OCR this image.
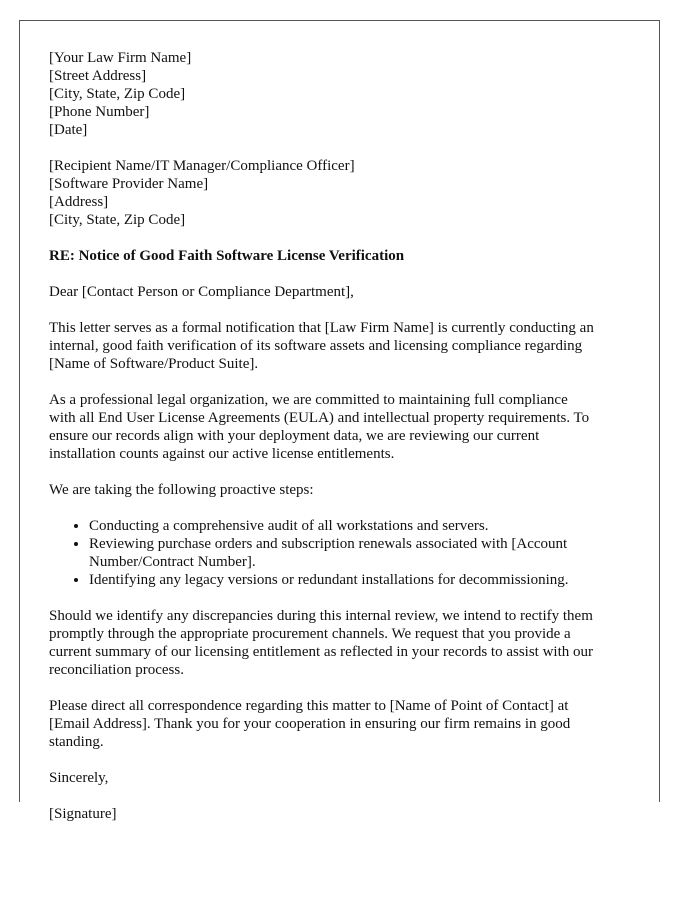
[Your Law Firm Name]
[Street Address]
[City, State, Zip Code]
[Phone Number]
[Date]
[Recipient Name/IT Manager/Compliance Officer]
[Software Provider Name]
[Address]
[City, State, Zip Code]

RE: Notice of Good Faith Software License Verification

Dear [Contact Person or Compliance Department],

This letter serves as a formal notification that [Law Firm Name] is currently conducting an
internal, good faith verification of its software assets and licensing compliance regarding
[Name of Software/Product Suite].

As a professional legal organization, we are committed to maintaining full compliance
with all End User License Agreements (EULA) and intellectual property requirements. To
ensure our records align with your deployment data, we are reviewing our current
installation counts against our active license entitlements.

We are taking the following proactive steps:

• Conducting a comprehensive audit of all workstations and servers.
• Reviewing purchase orders and subscription renewals associated with [Account
Number/Contract Number].
• Identifying any legacy versions or redundant installations for decommissioning.

Should we identify any discrepancies during this internal review, we intend to rectify them
promptly through the appropriate procurement channels. We request that you provide a
current summary of our licensing entitlement as reflected in your records to assist with our
reconciliation process.

Please direct all correspondence regarding this matter to [Name of Point of Contact] at
[Email Address]. Thank you for your cooperation in ensuring our firm remains in good
standing.

Sincerely,

[Signature]
